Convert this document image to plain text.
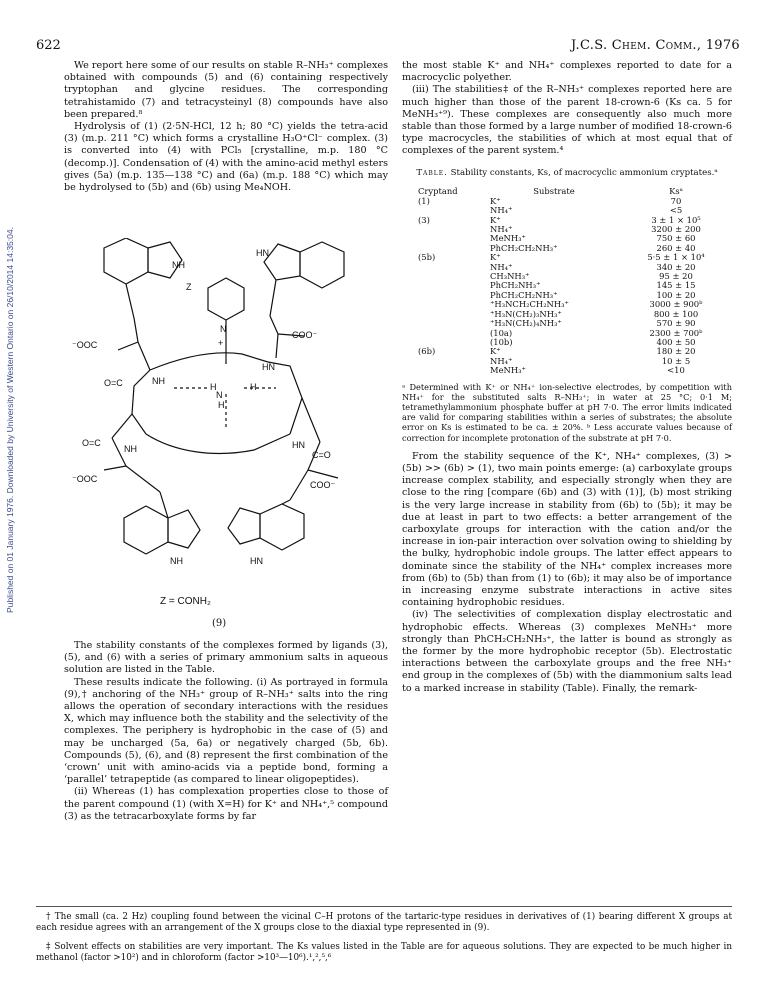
622	J.C.S. Chem. Comm., 1976
Published on 01 January 1976. Downloaded by University of Western Ontario on 26/10/2014 14:35:04.

We report here some of our results on stable R–NH₃⁺ complexes obtained with compounds (5) and (6) containing respectively tryptophan and glycine residues. The corresponding tetrahistamido (7) and tetracysteinyl (8) compounds have also been prepared.⁸

Hydrolysis of (1) (2·5N-HCl, 12 h; 80 °C) yields the tetra-acid (3) (m.p. 211 °C) which forms a crystalline H₃O⁺Cl⁻ complex. (3) is converted into (4) with PCl₅ [crystalline, m.p. 180 °C (decomp.)]. Condensation of (4) with the amino-acid methyl esters gives (5a) (m.p. 135—138 °C) and (6a) (m.p. 188 °C) which may be hydrolysed to (5b) and (6b) using Me₄NOH.

NH
HN
Z
N
+
⁻OOC
COO⁻
HN
NH
O=C	H
N
H
H
O=C
NH	HN
C=O
⁻OOC
COO⁻
NH	HN
Z = CONH₂
(9)

The stability constants of the complexes formed by ligands (3), (5), and (6) with a series of primary ammonium salts in aqueous solution are listed in the Table.

These results indicate the following. (i) As portrayed in formula (9),† anchoring of the NH₃⁺ group of R–NH₃⁺ salts into the ring allows the operation of secondary interactions with the residues X, which may influence both the stability and the selectivity of the complexes. The periphery is hydrophobic in the case of (5) and may be uncharged (5a, 6a) or negatively charged (5b, 6b). Compounds (5), (6), and (8) represent the first combination of the ‘crown’ unit with amino-acids via a peptide bond, forming a ‘parallel’ tetrapeptide (as compared to linear oligopeptides).

(ii) Whereas (1) has complexation properties close to those of the parent compound (1) (with X=H) for K⁺ and NH₄⁺,⁵ compound (3) as the tetracarboxylate forms by far

the most stable K⁺ and NH₄⁺ complexes reported to date for a macrocyclic polyether.

(iii) The stabilities‡ of the R–NH₃⁺ complexes reported here are much higher than those of the parent 18-crown-6 (Ks ca. 5 for MeNH₃⁺⁹). These complexes are consequently also much more stable than those formed by a large number of modified 18-crown-6 type macrocycles, the stabilities of which at most equal that of complexes of the parent system.⁴

Table. Stability constants, Ks, of macrocyclic ammonium cryptates.ᵃ
Cryptand	Substrate	Ksᵃ
(1)	K⁺	70
	NH₄⁺	<5
(3)	K⁺	3 ± 1 × 10⁵
	NH₄⁺	3200 ± 200
	MeNH₃⁺	750 ± 60
	PhCH₂CH₂NH₃⁺	260 ± 40
(5b)	K⁺	5·5 ± 1 × 10⁴
	NH₄⁺	340 ± 20
	CH₃NH₃⁺	95 ± 20
	PhCH₂NH₃⁺	145 ± 15
	PhCH₂CH₂NH₃⁺	100 ± 20
	⁺H₃NCH₂CH₂NH₃⁺	3000 ± 900ᵇ
	⁺H₃N(CH₂)₃NH₃⁺	800 ± 100
	⁺H₃N(CH₂)₄NH₃⁺	570 ± 90
	(10a)	2300 ± 700ᵇ
	(10b)	400 ± 50
(6b)	K⁺	180 ± 20
	NH₄⁺	10 ± 5
	MeNH₃⁺	<10
ᵃ Determined with K⁺ or NH₄⁺ ion-selective electrodes, by competition with NH₄⁺ for the substituted salts R–NH₃⁺; in water at 25 °C; 0·1 M; tetramethylammonium phosphate buffer at pH 7·0. The error limits indicated are valid for comparing stabilities within a series of substrates; the absolute error on Ks is estimated to be ca. ± 20%. ᵇ Less accurate values because of correction for incomplete protonation of the substrate at pH 7·0.

From the stability sequence of the K⁺, NH₄⁺ complexes, (3) > (5b) >> (6b) > (1), two main points emerge: (a) carboxylate groups increase complex stability, and especially strongly when they are close to the ring [compare (6b) and (3) with (1)], (b) most striking is the very large increase in stability from (6b) to (5b); it may be due at least in part to two effects: a better arrangement of the carboxylate groups for interaction with the cation and/or the increase in ion-pair interaction over solvation owing to shielding by the bulky, hydrophobic indole groups. The latter effect appears to dominate since the stability of the NH₄⁺ complex increases more from (6b) to (5b) than from (1) to (6b); it may also be of importance in increasing enzyme substrate interactions in active sites containing hydrophobic residues.

(iv) The selectivities of complexation display electrostatic and hydrophobic effects. Whereas (3) complexes MeNH₃⁺ more strongly than PhCH₂CH₂NH₃⁺, the latter is bound as strongly as the former by the more hydrophobic receptor (5b). Electrostatic interactions between the carboxylate groups and the free NH₃⁺ end group in the complexes of (5b) with the diammonium salts lead to a marked increase in stability (Table). Finally, the remark-

† The small (ca. 2 Hz) coupling found between the vicinal C–H protons of the tartaric-type residues in derivatives of (1) bearing different X groups at each residue agrees with an arrangement of the X groups close to the diaxial type represented in (9).

‡ Solvent effects on stabilities are very important. The Ks values listed in the Table are for aqueous solutions. They are expected to be much higher in methanol (factor >10²) and in chloroform (factor >10³—10⁶).¹,²,⁵,⁶
